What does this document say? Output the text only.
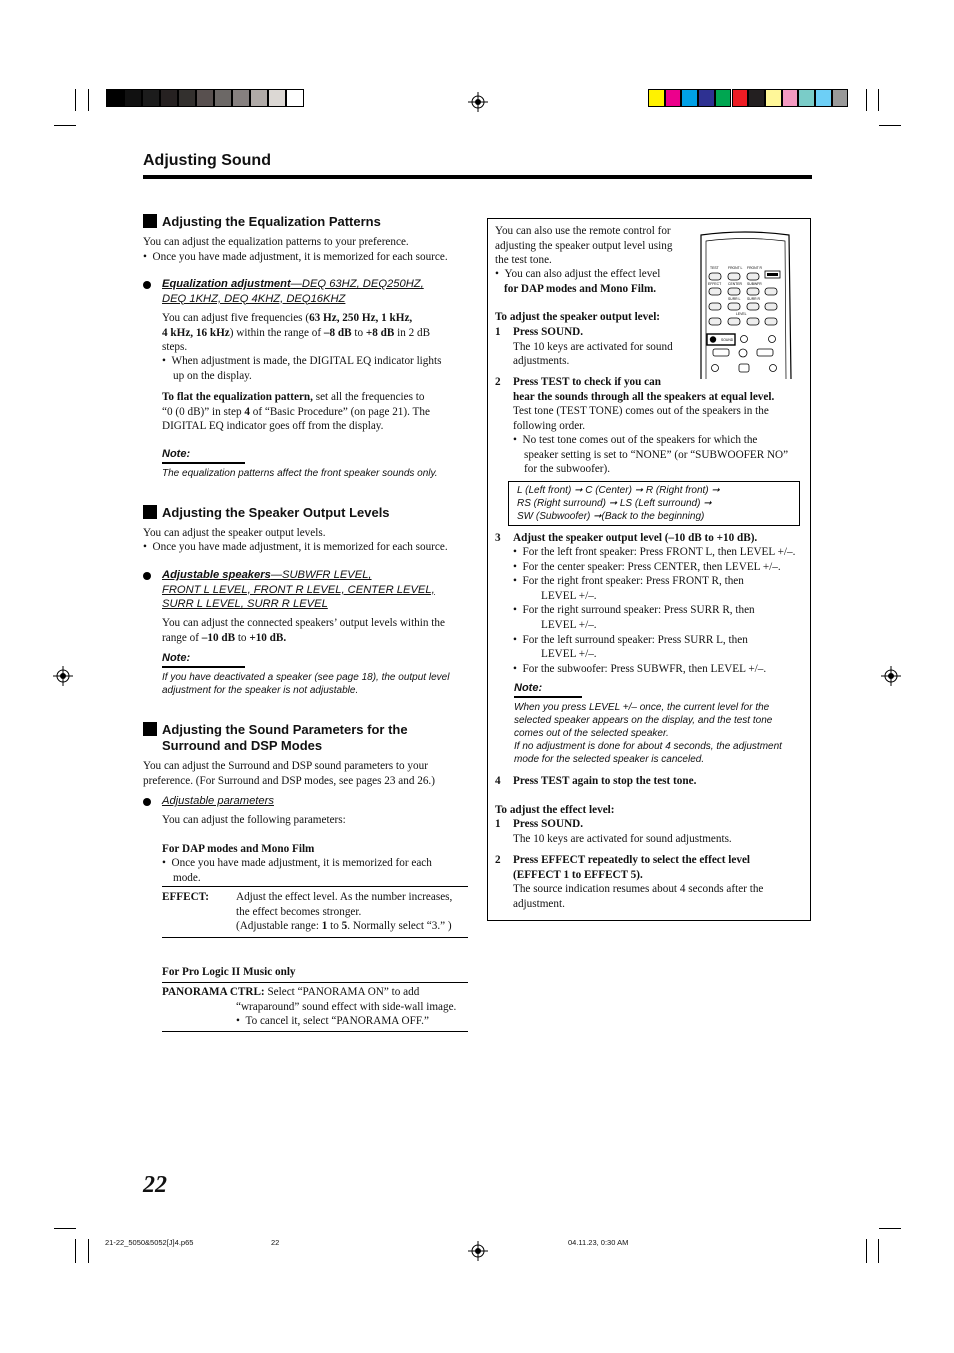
Adjusting Sound
Adjusting the Equalization Patterns
You can adjust the equalization patterns to your preference.
•  Once you have made adjustment, it is memorized for each source.
Equalization adjustment—DEQ 63HZ, DEQ250HZ,
DEQ 1KHZ, DEQ 4KHZ, DEQ16KHZ
You can adjust five frequencies (63 Hz, 250 Hz, 1 kHz,
4 kHz, 16 kHz) within the range of –8 dB to +8 dB in 2 dB
steps.
•  When adjustment is made, the DIGITAL EQ indicator lights
up on the display.
To flat the equalization pattern, set all the frequencies to
“0 (0 dB)” in step 4 of “Basic Procedure” (on page 21). The
DIGITAL EQ indicator goes off from the display.
Note:
The equalization patterns affect the front speaker sounds only.
Adjusting the Speaker Output Levels
You can adjust the speaker output levels.
•  Once you have made adjustment, it is memorized for each source.
Adjustable speakers—SUBWFR LEVEL,
FRONT L LEVEL, FRONT R LEVEL, CENTER LEVEL,
SURR L LEVEL, SURR R LEVEL
You can adjust the connected speakers’ output levels within the
range of –10 dB to +10 dB.
Note:
If you have deactivated a speaker (see page 18), the output level
adjustment for the speaker is not adjustable.
Adjusting the Sound Parameters for the
Surround and DSP Modes
You can adjust the Surround and DSP sound parameters to your
preference. (For Surround and DSP modes, see pages 23 and 26.)
Adjustable parameters
You can adjust the following parameters:
For DAP modes and Mono Film
•  Once you have made adjustment, it is memorized for each
mode.
EFFECT: Adjust the effect level. As the number increases,
the effect becomes stronger.
(Adjustable range: 1 to 5. Normally select “3.” )
For Pro Logic II Music only
PANORAMA CTRL: Select “PANORAMA ON” to add
“wraparound” sound effect with side-wall image.
•  To cancel it, select “PANORAMA OFF.”
You can also use the remote control for
adjusting the speaker output level using
the test tone.
•  You can also adjust the effect level
for DAP modes and Mono Film.
TEST	FRONT L FRONT R
EFFECT CENTER SUBWFR
SURR L SURR R
LEVEL
SOUND
To adjust the speaker output level:
1 Press SOUND.
The 10 keys are activated for sound
adjustments.
2 Press TEST to check if you can
hear the sounds through all the speakers at equal level.
Test tone (TEST TONE) comes out of the speakers in the
following order.
•  No test tone comes out of the speakers for which the
speaker setting is set to “NONE” (or “SUBWOOFER NO”
for the subwoofer).
L (Left front) ➞ C (Center) ➞ R (Right front) ➞
RS (Right surround) ➞ LS (Left surround) ➞
SW (Subwoofer) ➞(Back to the beginning)
3 Adjust the speaker output level (–10 dB to +10 dB).
•  For the left front speaker: Press FRONT L, then LEVEL +/–.
•  For the center speaker: Press CENTER, then LEVEL +/–.
•  For the right front speaker: Press FRONT R, then
LEVEL +/–.
•  For the right surround speaker: Press SURR R, then
LEVEL +/–.
•  For the left surround speaker: Press SURR L, then
LEVEL +/–.
•  For the subwoofer: Press SUBWFR, then LEVEL +/–.
Note:
When you press LEVEL +/– once, the current level for the
selected speaker appears on the display, and the test tone
comes out of the selected speaker.
If no adjustment is done for about 4 seconds, the adjustment
mode for the selected speaker is canceled.
4 Press TEST again to stop the test tone.
To adjust the effect level:
1 Press SOUND.
The 10 keys are activated for sound adjustments.
2 Press EFFECT repeatedly to select the effect level
(EFFECT 1 to EFFECT 5).
The source indication resumes about 4 seconds after the
adjustment.
22
21-22_5050&5052[J]4.p65	22	04.11.23, 0:30 AM
